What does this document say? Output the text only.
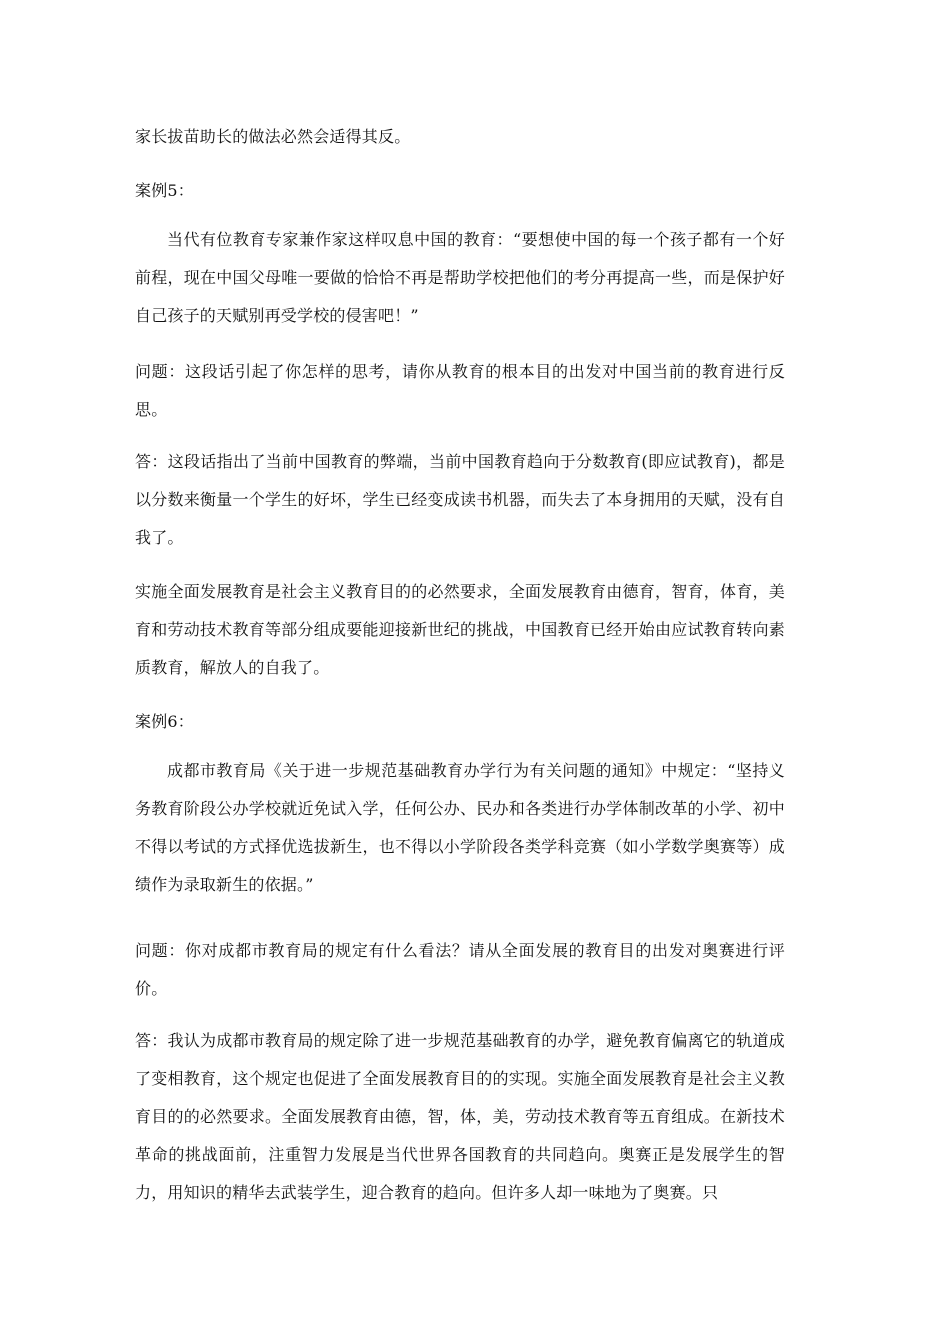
家长拔苗助长的做法必然会适得其反。

案例5：

当代有位教育专家兼作家这样叹息中国的教育：“要想使中国的每一个孩子都有一个好前程，现在中国父母唯一要做的恰恰不再是帮助学校把他们的考分再提高一些，而是保护好自己孩子的天赋别再受学校的侵害吧！”

问题：这段话引起了你怎样的思考，请你从教育的根本目的出发对中国当前的教育进行反思。

答：这段话指出了当前中国教育的弊端，当前中国教育趋向于分数教育(即应试教育)，都是以分数来衡量一个学生的好坏，学生已经变成读书机器，而失去了本身拥用的天赋，没有自我了。

实施全面发展教育是社会主义教育目的的必然要求，全面发展教育由德育，智育，体育，美育和劳动技术教育等部分组成要能迎接新世纪的挑战，中国教育已经开始由应试教育转向素质教育，解放人的自我了。

案例6：

成都市教育局《关于进一步规范基础教育办学行为有关问题的通知》中规定：“坚持义务教育阶段公办学校就近免试入学，任何公办、民办和各类进行办学体制改革的小学、初中不得以考试的方式择优选拔新生，也不得以小学阶段各类学科竞赛（如小学数学奥赛等）成绩作为录取新生的依据。”

问题：你对成都市教育局的规定有什么看法？请从全面发展的教育目的出发对奥赛进行评价。

答：我认为成都市教育局的规定除了进一步规范基础教育的办学，避免教育偏离它的轨道成了变相教育，这个规定也促进了全面发展教育目的的实现。实施全面发展教育是社会主义教育目的的必然要求。全面发展教育由德，智，体，美，劳动技术教育等五育组成。在新技术革命的挑战面前，注重智力发展是当代世界各国教育的共同趋向。奥赛正是发展学生的智力，用知识的精华去武装学生，迎合教育的趋向。但许多人却一味地为了奥赛。只
